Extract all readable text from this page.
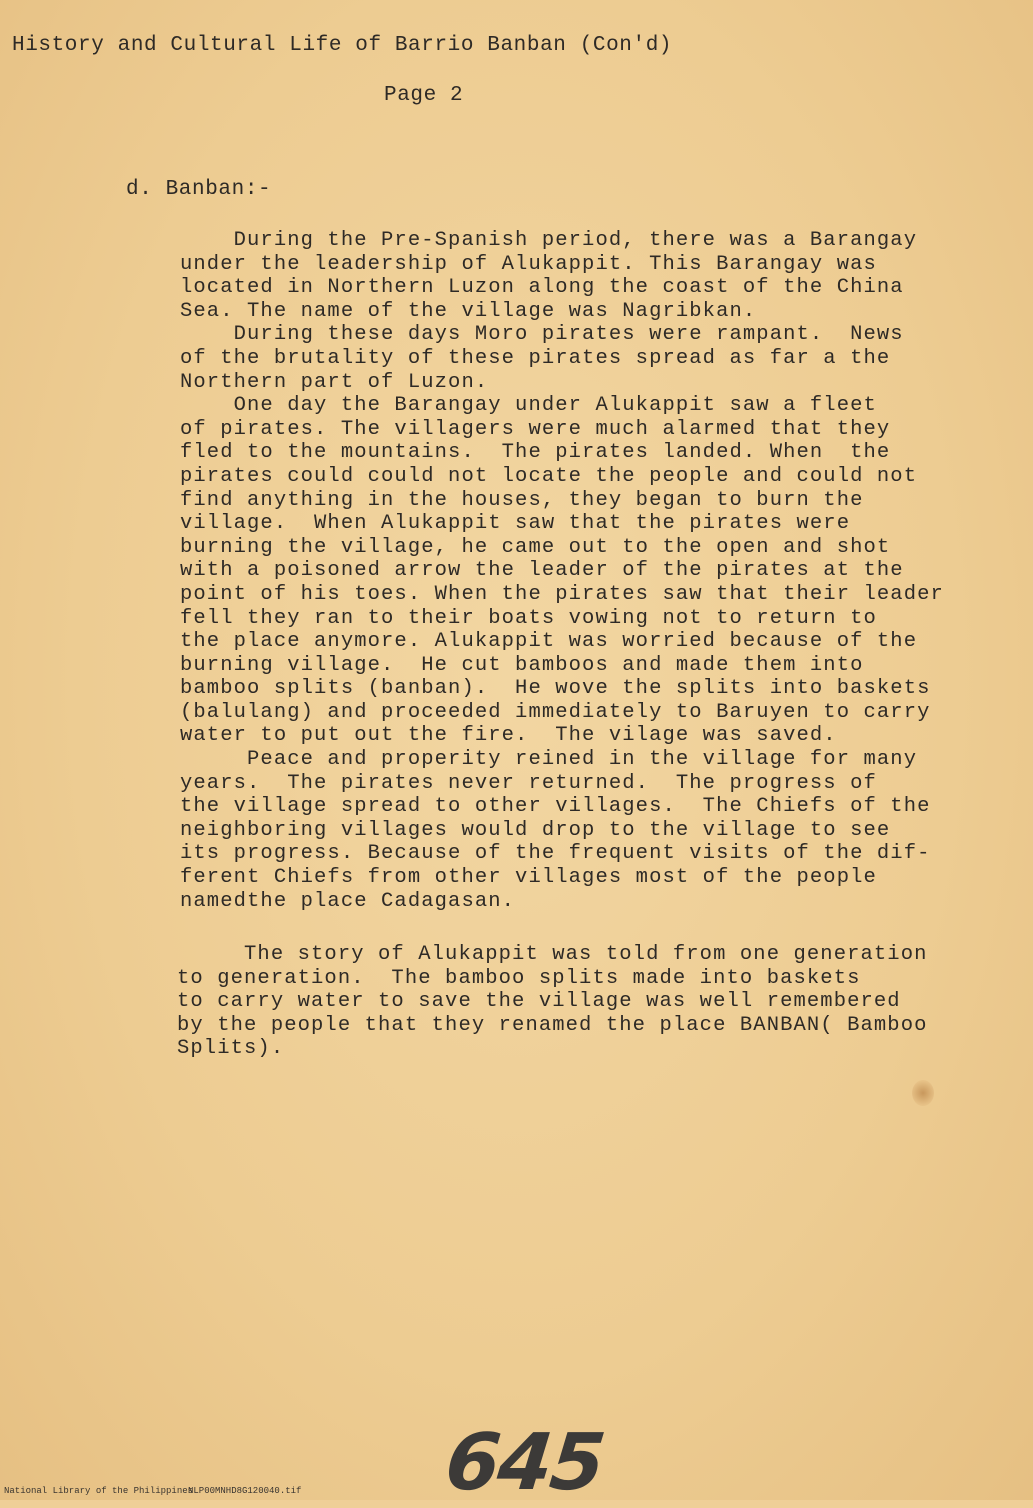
History and Cultural Life of Barrio Banban (Con'd)
Page 2
d. Banban:-
During the Pre-Spanish period, there was a Barangay
under the leadership of Alukappit. This Barangay was
located in Northern Luzon along the coast of the China
Sea. The name of the village was Nagribkan.
During these days Moro pirates were rampant.  News
of the brutality of these pirates spread as far a the
Northern part of Luzon.
One day the Barangay under Alukappit saw a fleet
of pirates. The villagers were much alarmed that they
fled to the mountains.  The pirates landed. When  the
pirates could could not locate the people and could not
find anything in the houses, they began to burn the
village.  When Alukappit saw that the pirates were
burning the village, he came out to the open and shot
with a poisoned arrow the leader of the pirates at the
point of his toes. When the pirates saw that their leader
fell they ran to their boats vowing not to return to
the place anymore. Alukappit was worried because of the
burning village.  He cut bamboos and made them into
bamboo splits (banban).  He wove the splits into baskets
(balulang) and proceeded immediately to Baruyen to carry
water to put out the fire.  The vilage was saved.
Peace and properity reined in the village for many
years.  The pirates never returned.  The progress of
the village spread to other villages.  The Chiefs of the
neighboring villages would drop to the village to see
its progress. Because of the frequent visits of the dif-
ferent Chiefs from other villages most of the people
namedthe place Cadagasan.
The story of Alukappit was told from one generation
to generation.  The bamboo splits made into baskets
to carry water to save the village was well remembered
by the people that they renamed the place BANBAN( Bamboo
Splits).
645
National Library of the Philippines
NLP00MNHD8G120040.tif
